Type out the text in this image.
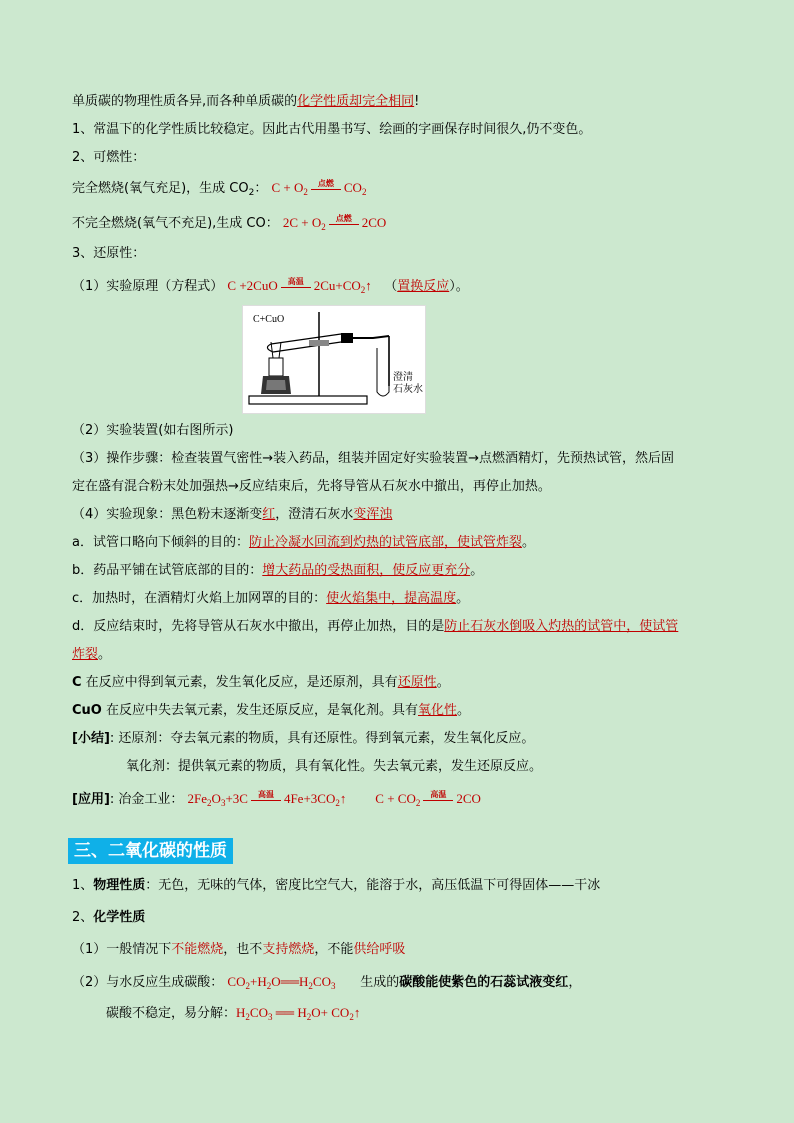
单质碳的物理性质各异,而各种单质碳的化学性质却完全相同!
1、常温下的化学性质比较稳定。因此古代用墨书写、绘画的字画保存时间很久,仍不变色。
2、可燃性：
完全燃烧(氧气充足)，生成 $CO_2$： $C + O_2$
点燃 $CO_2$
不完全燃烧(氧气不充足),生成 CO： $2C + O_2$
点燃 2CO
3、还原性：
（1）实验原理（方程式） C +2CuO	高温 $2Cu+CO_2↑$ （置换反应）。
C+CuO
澄清
石灰水
（2）实验装置(如右图所示)
（3）操作步骤：检查装置气密性→装入药品，组装并固定好实验装置→点燃酒精灯，先预热试管，然后固
定在盛有混合粉末处加强热→反应结束后，先将导管从石灰水中撤出，再停止加热。
（4）实验现象：黑色粉末逐渐变红，澄清石灰水变浑浊
a．试管口略向下倾斜的目的：防止冷凝水回流到灼热的试管底部，使试管炸裂。
b．药品平铺在试管底部的目的：增大药品的受热面积，使反应更充分。
c．加热时，在酒精灯火焰上加网罩的目的：使火焰集中，提高温度。
d．反应结束时，先将导管从石灰水中撤出，再停止加热，目的是防止石灰水倒吸入灼热的试管中，使试管
炸裂。
C 在反应中得到氧元素，发生氧化反应，是还原剂，具有还原性。
CuO 在反应中失去氧元素，发生还原反应，是氧化剂。具有氧化性。
[小结]: 还原剂：夺去氧元素的物质，具有还原性。得到氧元素，发生氧化反应。
氧化剂：提供氧元素的物质，具有氧化性。失去氧元素，发生还原反应。
[应用]: 冶金工业： $2Fe_2O_3+3C$	高温 $4Fe+3CO_2↑$ $C + CO_2$
高温 2CO
三、二氧化碳的性质
1、物理性质：无色，无味的气体，密度比空气大，能溶于水，高压低温下可得固体——干冰
2、化学性质
（1）一般情况下不能燃烧，也不支持燃烧，不能供给呼吸
（2）与水反应生成碳酸： $CO_2+H_2O══H_2CO_3$ 生成的碳酸能使紫色的石蕊试液变红，
碳酸不稳定，易分解：$H_2CO_3$ ══ $H_2O+$ $CO_2↑$
